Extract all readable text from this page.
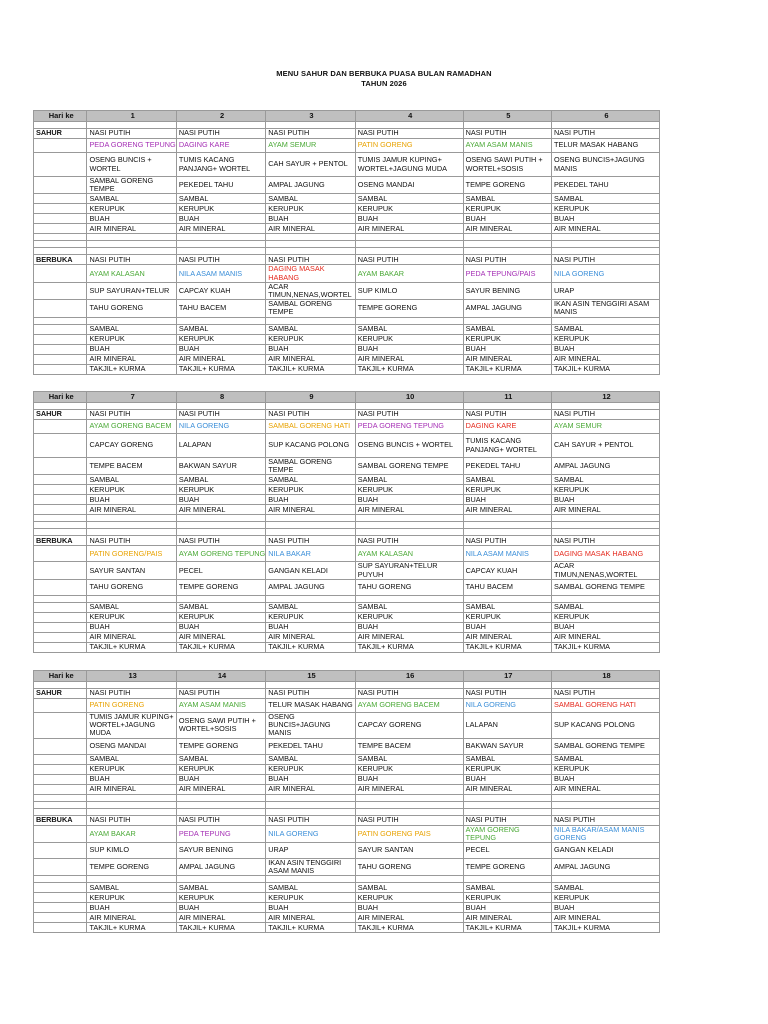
MENU SAHUR DAN BERBUKA PUASA BULAN RAMADHAN
TAHUN 2026
Hari ke	1	2	3	4	5	6

SAHUR	NASI PUTIH	NASI PUTIH	NASI PUTIH	NASI PUTIH	NASI PUTIH	NASI PUTIH
	PEDA GORENG TEPUNG	DAGING KARE	AYAM SEMUR	PATIN GORENG	AYAM ASAM MANIS	TELUR MASAK HABANG
	OSENG BUNCIS + WORTEL	TUMIS KACANG PANJANG+ WORTEL	CAH SAYUR + PENTOL	TUMIS JAMUR KUPING+ WORTEL+JAGUNG MUDA	OSENG SAWI PUTIH + WORTEL+SOSIS	OSENG BUNCIS+JAGUNG MANIS
	SAMBAL GORENG TEMPE	PEKEDEL TAHU	AMPAL JAGUNG	OSENG MANDAI	TEMPE GORENG	PEKEDEL TAHU
	SAMBAL	SAMBAL	SAMBAL	SAMBAL	SAMBAL	SAMBAL
	KERUPUK	KERUPUK	KERUPUK	KERUPUK	KERUPUK	KERUPUK
	BUAH	BUAH	BUAH	BUAH	BUAH	BUAH
	AIR MINERAL	AIR MINERAL	AIR MINERAL	AIR MINERAL	AIR MINERAL	AIR MINERAL

BERBUKA	NASI PUTIH	NASI PUTIH	NASI PUTIH	NASI PUTIH	NASI PUTIH	NASI PUTIH
	AYAM KALASAN	NILA ASAM MANIS	DAGING MASAK HABANG	AYAM BAKAR	PEDA TEPUNG/PAIS	NILA GORENG
	SUP SAYURAN+TELUR	CAPCAY KUAH	ACAR TIMUN,NENAS,WORTEL	SUP KIMLO	SAYUR BENING	URAP
	TAHU GORENG	TAHU BACEM	SAMBAL GORENG TEMPE	TEMPE GORENG	AMPAL JAGUNG	IKAN ASIN TENGGIRI ASAM MANIS

	SAMBAL	SAMBAL	SAMBAL	SAMBAL	SAMBAL	SAMBAL
	KERUPUK	KERUPUK	KERUPUK	KERUPUK	KERUPUK	KERUPUK
	BUAH	BUAH	BUAH	BUAH	BUAH	BUAH
	AIR MINERAL	AIR MINERAL	AIR MINERAL	AIR MINERAL	AIR MINERAL	AIR MINERAL
	TAKJIL+ KURMA	TAKJIL+ KURMA	TAKJIL+ KURMA	TAKJIL+ KURMA	TAKJIL+ KURMA	TAKJIL+ KURMA
Hari ke	7	8	9	10	11	12

SAHUR	NASI PUTIH	NASI PUTIH	NASI PUTIH	NASI PUTIH	NASI PUTIH	NASI PUTIH
	AYAM GORENG BACEM	NILA GORENG	SAMBAL GORENG HATI	PEDA GORENG TEPUNG	DAGING KARE	AYAM SEMUR
	CAPCAY GORENG	LALAPAN	SUP KACANG POLONG	OSENG BUNCIS + WORTEL	TUMIS KACANG PANJANG+ WORTEL	CAH SAYUR + PENTOL
	TEMPE BACEM	BAKWAN SAYUR	SAMBAL GORENG TEMPE	SAMBAL GORENG TEMPE	PEKEDEL TAHU	AMPAL JAGUNG
	SAMBAL	SAMBAL	SAMBAL	SAMBAL	SAMBAL	SAMBAL
	KERUPUK	KERUPUK	KERUPUK	KERUPUK	KERUPUK	KERUPUK
	BUAH	BUAH	BUAH	BUAH	BUAH	BUAH
	AIR MINERAL	AIR MINERAL	AIR MINERAL	AIR MINERAL	AIR MINERAL	AIR MINERAL

BERBUKA	NASI PUTIH	NASI PUTIH	NASI PUTIH	NASI PUTIH	NASI PUTIH	NASI PUTIH
	PATIN GORENG/PAIS	AYAM GORENG TEPUNG	NILA BAKAR	AYAM KALASAN	NILA ASAM MANIS	DAGING MASAK HABANG
	SAYUR SANTAN	PECEL	GANGAN KELADI	SUP SAYURAN+TELUR PUYUH	CAPCAY KUAH	ACAR TIMUN,NENAS,WORTEL
	TAHU GORENG	TEMPE GORENG	AMPAL JAGUNG	TAHU GORENG	TAHU BACEM	SAMBAL GORENG TEMPE

	SAMBAL	SAMBAL	SAMBAL	SAMBAL	SAMBAL	SAMBAL
	KERUPUK	KERUPUK	KERUPUK	KERUPUK	KERUPUK	KERUPUK
	BUAH	BUAH	BUAH	BUAH	BUAH	BUAH
	AIR MINERAL	AIR MINERAL	AIR MINERAL	AIR MINERAL	AIR MINERAL	AIR MINERAL
	TAKJIL+ KURMA	TAKJIL+ KURMA	TAKJIL+ KURMA	TAKJIL+ KURMA	TAKJIL+ KURMA	TAKJIL+ KURMA
Hari ke	13	14	15	16	17	18

SAHUR	NASI PUTIH	NASI PUTIH	NASI PUTIH	NASI PUTIH	NASI PUTIH	NASI PUTIH
	PATIN GORENG	AYAM ASAM MANIS	TELUR MASAK HABANG	AYAM GORENG BACEM	NILA GORENG	SAMBAL GORENG HATI
	TUMIS JAMUR KUPING+ WORTEL+JAGUNG MUDA	OSENG SAWI PUTIH + WORTEL+SOSIS	OSENG BUNCIS+JAGUNG MANIS	CAPCAY GORENG	LALAPAN	SUP KACANG POLONG
	OSENG MANDAI	TEMPE GORENG	PEKEDEL TAHU	TEMPE BACEM	BAKWAN SAYUR	SAMBAL GORENG TEMPE
	SAMBAL	SAMBAL	SAMBAL	SAMBAL	SAMBAL	SAMBAL
	KERUPUK	KERUPUK	KERUPUK	KERUPUK	KERUPUK	KERUPUK
	BUAH	BUAH	BUAH	BUAH	BUAH	BUAH
	AIR MINERAL	AIR MINERAL	AIR MINERAL	AIR MINERAL	AIR MINERAL	AIR MINERAL

BERBUKA	NASI PUTIH	NASI PUTIH	NASI PUTIH	NASI PUTIH	NASI PUTIH	NASI PUTIH
	AYAM BAKAR	PEDA TEPUNG	NILA GORENG	PATIN GORENG PAIS	AYAM GORENG TEPUNG	NILA BAKAR/ASAM MANIS GORENG
	SUP KIMLO	SAYUR BENING	URAP	SAYUR SANTAN	PECEL	GANGAN KELADI
	TEMPE GORENG	AMPAL JAGUNG	IKAN ASIN TENGGIRI ASAM MANIS	TAHU GORENG	TEMPE GORENG	AMPAL JAGUNG

	SAMBAL	SAMBAL	SAMBAL	SAMBAL	SAMBAL	SAMBAL
	KERUPUK	KERUPUK	KERUPUK	KERUPUK	KERUPUK	KERUPUK
	BUAH	BUAH	BUAH	BUAH	BUAH	BUAH
	AIR MINERAL	AIR MINERAL	AIR MINERAL	AIR MINERAL	AIR MINERAL	AIR MINERAL
	TAKJIL+ KURMA	TAKJIL+ KURMA	TAKJIL+ KURMA	TAKJIL+ KURMA	TAKJIL+ KURMA	TAKJIL+ KURMA
